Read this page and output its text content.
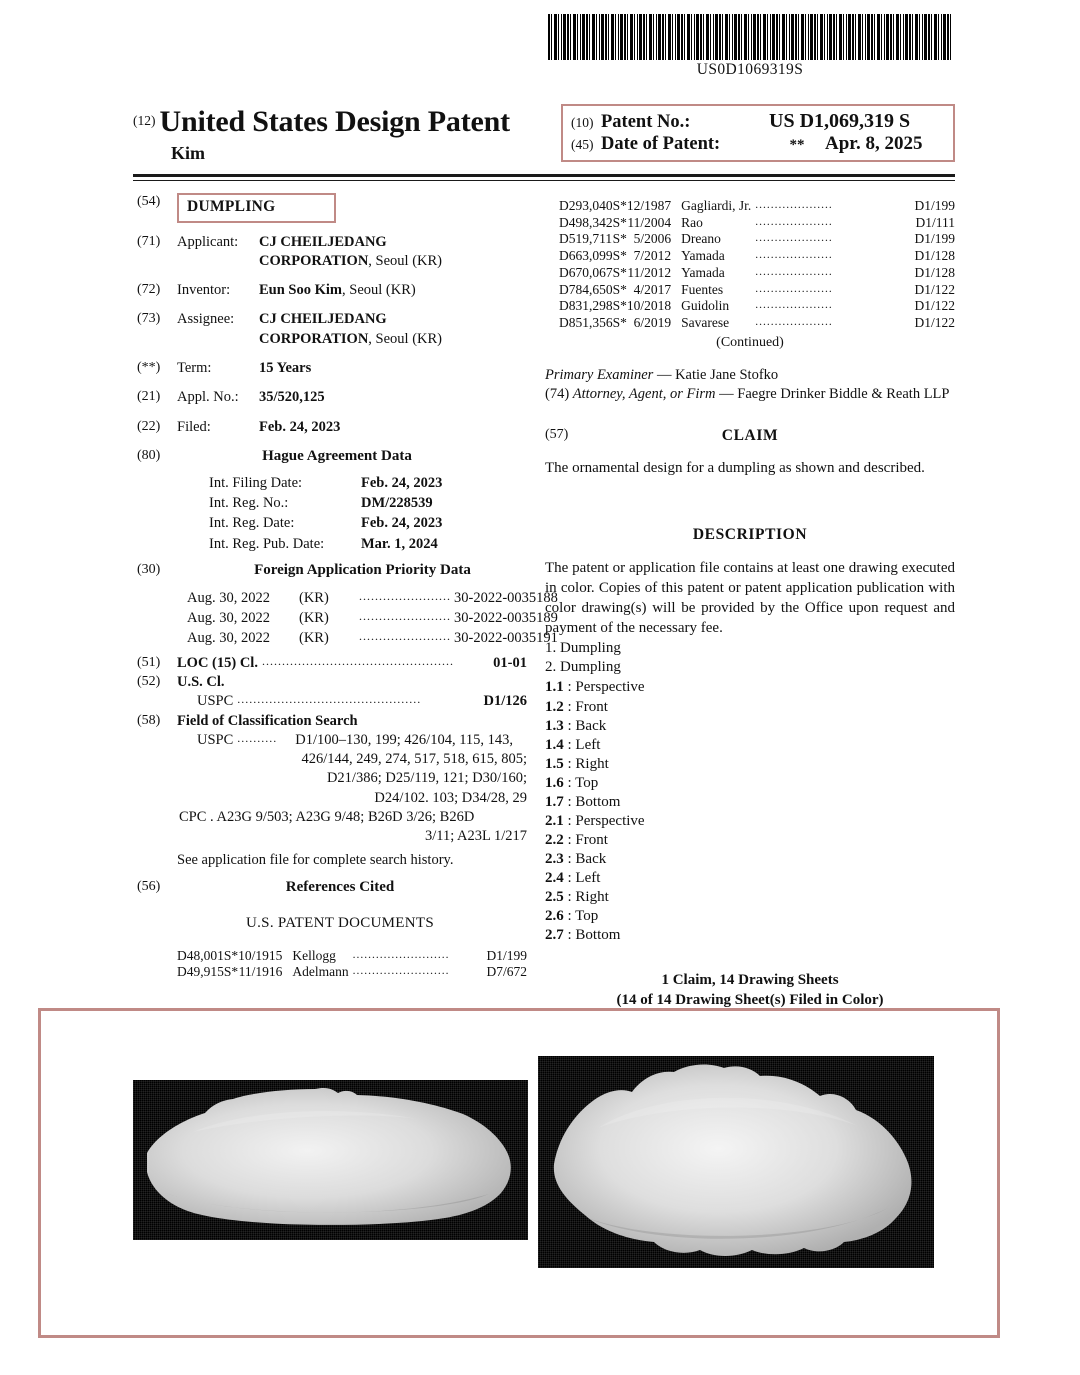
US0D1069319S
$^{(12)}$ United States Design Patent
Kim
(10) Patent No.:	US D1,069,319 S
(45) Date of Patent:	**	Apr. 8, 2025
(54)	DUMPLING
(71)	Applicant:	CJ CHEILJEDANG
CORPORATION, Seoul (KR)
(72)	Inventor:	Eun Soo Kim, Seoul (KR)
(73)	Assignee:	CJ CHEILJEDANG
CORPORATION, Seoul (KR)
(**)	Term:	15 Years
(21)	Appl. No.:	35/520,125
(22)	Filed:	Feb. 24, 2023
(80)	Hague Agreement Data
Int. Filing Date:	Feb. 24, 2023
Int. Reg. No.:	DM/228539
Int. Reg. Date:	Feb. 24, 2023
Int. Reg. Pub. Date:	Mar. 1, 2024
(30)	Foreign Application Priority Data
Aug. 30, 2022	(KR)	....................... 30-2022-0035188
Aug. 30, 2022	(KR)	....................... 30-2022-0035189
Aug. 30, 2022	(KR)	....................... 30-2022-0035191
(51)	LOC (15) Cl. ................................................	01-01
(52)	U.S. Cl.
USPC ..............................................	D1/126
(58)	Field of Classification Search
USPC ..........	D1/100–130, 199; 426/104, 115, 143,
426/144, 249, 274, 517, 518, 615, 805;
D21/386; D25/119, 121; D30/160;
D24/102. 103; D34/28, 29
CPC . A23G 9/503; A23G 9/48; B26D 3/26; B26D
3/11; A23L 1/217
See application file for complete search history.
(56)	References Cited
U.S. PATENT DOCUMENTS
D48,001	S	*	10/1915	Kellogg	.........................	D1/199
D49,915	S	*	11/1916	Adelmann	.........................	D7/672
D293,040	S	*	12/1987	Gagliardi, Jr.	....................	D1/199
D498,342	S	*	11/2004	Rao	....................	D1/111
D519,711	S	*	5/2006	Dreano	....................	D1/199
D663,099	S	*	7/2012	Yamada	....................	D1/128
D670,067	S	*	11/2012	Yamada	....................	D1/128
D784,650	S	*	4/2017	Fuentes	....................	D1/122
D831,298	S	*	10/2018	Guidolin	....................	D1/122
D851,356	S	*	6/2019	Savarese	....................	D1/122
(Continued)
Primary Examiner — Katie Jane Stofko
(74) Attorney, Agent, or Firm — Faegre Drinker Biddle & Reath LLP
(57)	CLAIM
The ornamental design for a dumpling as shown and described.
DESCRIPTION
The patent or application file contains at least one drawing executed in color. Copies of this patent or patent application publication with color drawing(s) will be provided by the Office upon request and payment of the necessary fee.
1. Dumpling
2. Dumpling
1.1 : Perspective
1.2 : Front
1.3 : Back
1.4 : Left
1.5 : Right
1.6 : Top
1.7 : Bottom
2.1 : Perspective
2.2 : Front
2.3 : Back
2.4 : Left
2.5 : Right
2.6 : Top
2.7 : Bottom
1 Claim, 14 Drawing Sheets
(14 of 14 Drawing Sheet(s) Filed in Color)
